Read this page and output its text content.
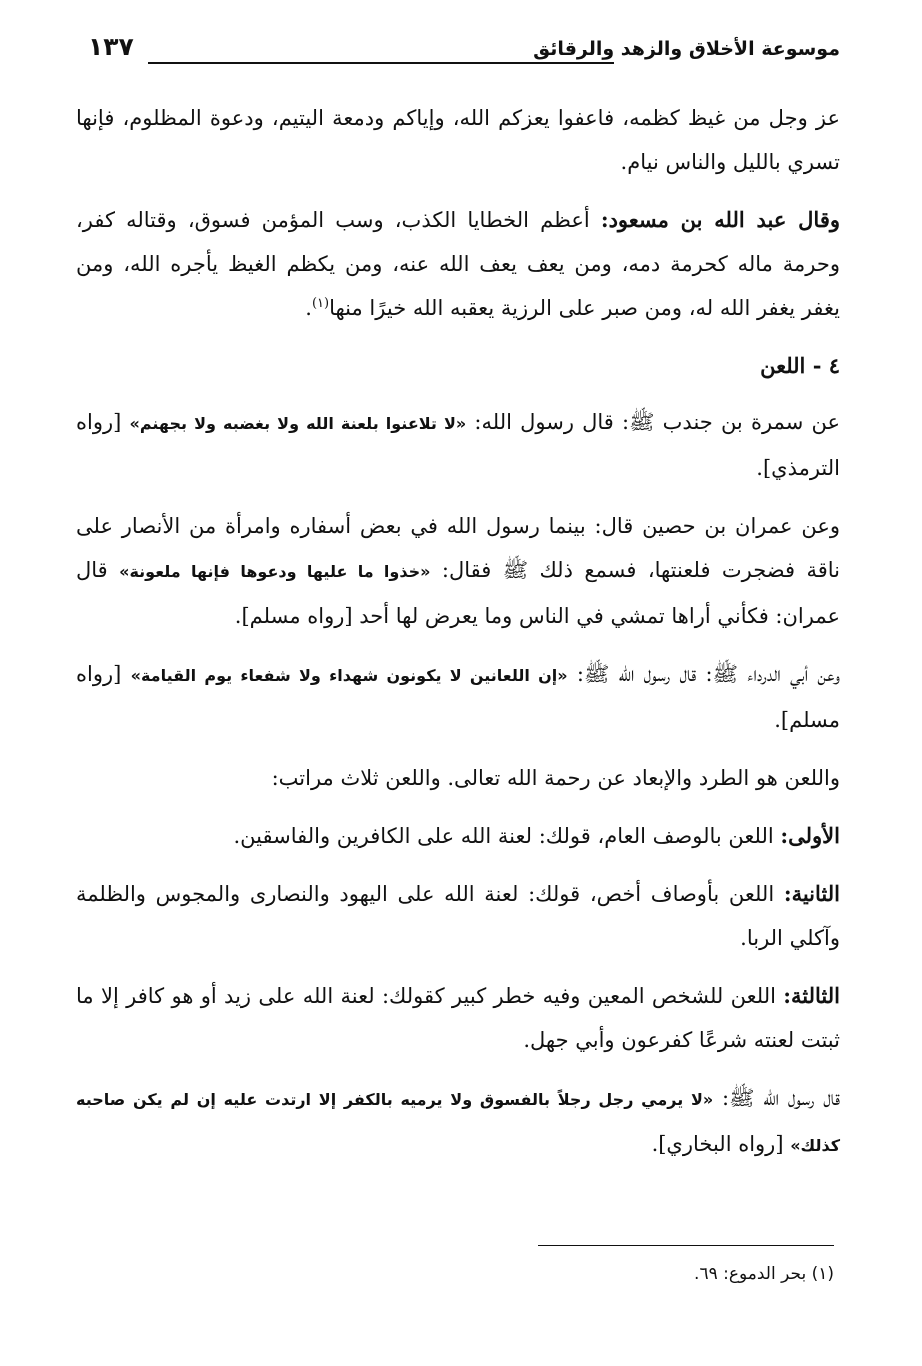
موسوعة الأخلاق والزهد والرقائق
١٣٧

عز وجل من غيظ كظمه، فاعفوا يعزكم الله، وإياكم ودمعة اليتيم، ودعوة المظلوم، فإنها تسري بالليل والناس نيام.

وقال عبد الله بن مسعود: أعظم الخطايا الكذب، وسب المؤمن فسوق، وقتاله كفر، وحرمة ماله كحرمة دمه، ومن يعف يعف الله عنه، ومن يكظم الغيظ يأجره الله، ومن يغفر يغفر الله له، ومن صبر على الرزية يعقبه الله خيرًا منها$^{(١)}$.

٤ - اللعن

عن سمرة بن جندب ﷺ: قال رسول الله: «لا تلاعنوا بلعنة الله ولا بغضبه ولا بجهنم» [رواه الترمذي].

وعن عمران بن حصين قال: بينما رسول الله في بعض أسفاره وامرأة من الأنصار على ناقة فضجرت فلعنتها، فسمع ذلك ﷺ فقال: «خذوا ما عليها ودعوها فإنها ملعونة» قال عمران: فكأني أراها تمشي في الناس وما يعرض لها أحد [رواه مسلم].

وعن أبي الدرداء ﷺ: قال رسول الله ﷺ: «إن اللعانين لا يكونون شهداء ولا شفعاء يوم القيامة» [رواه مسلم].

واللعن هو الطرد والإبعاد عن رحمة الله تعالى. واللعن ثلاث مراتب:

الأولى: اللعن بالوصف العام، قولك: لعنة الله على الكافرين والفاسقين.

الثانية: اللعن بأوصاف أخص، قولك: لعنة الله على اليهود والنصارى والمجوس والظلمة وآكلي الربا.

الثالثة: اللعن للشخص المعين وفيه خطر كبير كقولك: لعنة الله على زيد أو هو كافر إلا ما ثبتت لعنته شرعًا كفرعون وأبي جهل.

قال رسول الله ﷺ: «لا يرمي رجل رجلاً بالفسوق ولا يرميه بالكفر إلا ارتدت عليه إن لم يكن صاحبه كذلك» [رواه البخاري].

(١) بحر الدموع: ٦٩.
